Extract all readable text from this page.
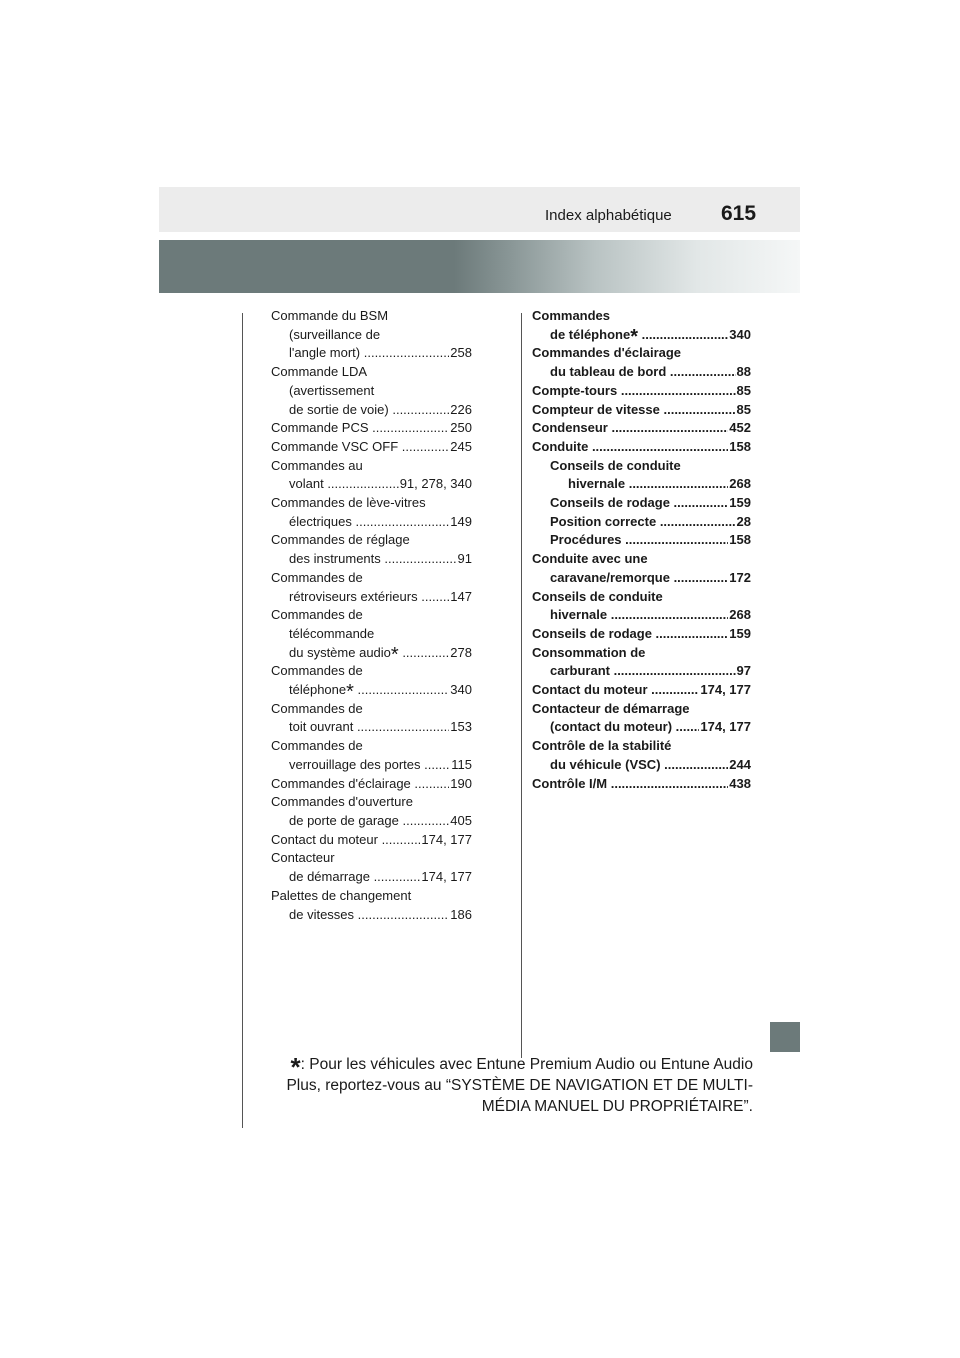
Index alphabétique 615
Commande du BSM
(surveillance de
l'angle mort) .....	258
Commande LDA
(avertissement
de sortie de voie) .....	226
Commande PCS .....	250
Commande VSC OFF .....	245
Commandes au
volant .....	91, 278, 340
Commandes de lève-vitres
électriques .....	149
Commandes de réglage
des instruments .....	91
Commandes de
rétroviseurs extérieurs .....	147
Commandes de
télécommande
du système audio* .....	278
Commandes de
téléphone* .....	340
Commandes de
toit ouvrant .....	153
Commandes de
verrouillage des portes .....	115
Commandes d'éclairage .....	190
Commandes d'ouverture
de porte de garage .....	405
Contact du moteur .....	174, 177
Contacteur
de démarrage .....	174, 177
Palettes de changement
de vitesses .....	186
Commandes
de téléphone* .....	340
Commandes d'éclairage
du tableau de bord .....	88
Compte-tours .....	85
Compteur de vitesse .....	85
Condenseur .....	452
Conduite .....	158
Conseils de conduite
hivernale .....	268
Conseils de rodage .....	159
Position correcte .....	28
Procédures .....	158
Conduite avec une
caravane/remorque .....	172
Conseils de conduite
hivernale .....	268
Conseils de rodage .....	159
Consommation de
carburant .....	97
Contact du moteur .....	174, 177
Contacteur de démarrage
(contact du moteur) .....	174, 177
Contrôle de la stabilité
du véhicule (VSC) .....	244
Contrôle I/M .....	438
*: Pour les véhicules avec Entune Premium Audio ou Entune Audio Plus, reportez-vous au “SYSTÈME DE NAVIGATION ET DE MULTI-MÉDIA MANUEL DU PROPRIÉTAIRE”.
